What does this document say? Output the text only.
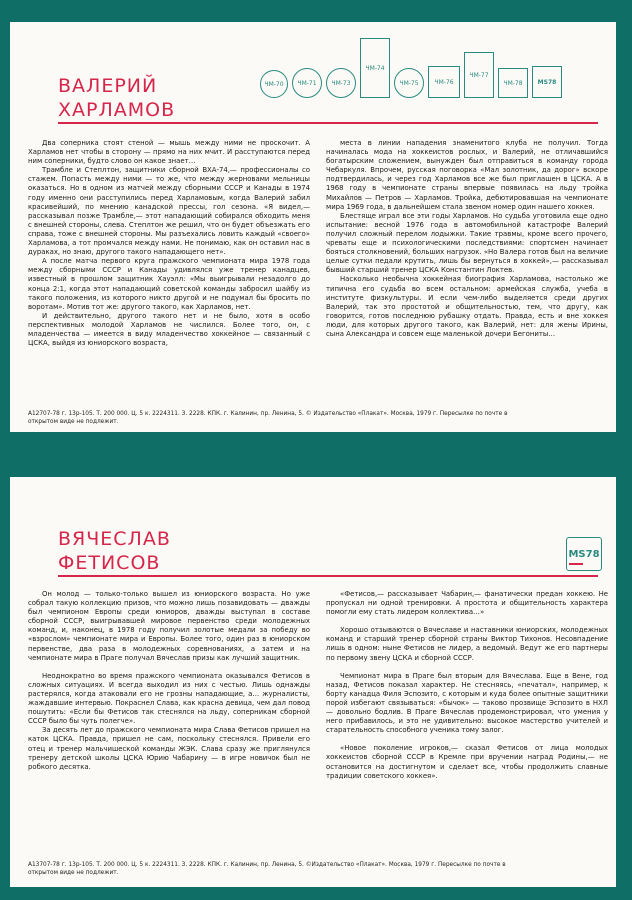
ВАЛЕРИЙ
ХАРЛАМОВ
ЧМ-70	ЧМ-71	ЧМ-73
ЧМ-74
ЧМ-75	ЧМ-76
ЧМ-77
ЧМ-78	MS78

Два соперника стоят стеной — мышь между ними не проскочит. А Харламов нет чтобы в сторону — прямо на них мчит. И расступаются перед ним соперники, будто слово он какое знает…

Трамбле и Степлтон, защитники сборной ВХА-74,— профессионалы со стажем. Попасть между ними — то же, что между жерновами мельницы оказаться. Но в одном из матчей между сборными СССР и Канады в 1974 году именно они расступились перед Харламовым, когда Валерий забил красивейший, по мнению канадской прессы, гол сезона. «Я видел,— рассказывал позже Трамбле,— этот нападающий собирался обходить меня с внешней стороны, слева. Степлтон же решил, что он будет объезжать его справа, тоже с внешней стороны. Мы разъехались ловить каждый «своего» Харламова, а тот промчался между нами. Не понимаю, как он оставил нас в дураках, но знаю, другого такого нападающего нет».

А после матча первого круга пражского чемпионата мира 1978 года между сборными СССР и Канады удивлялся уже тренер канадцев, известный в прошлом защитник Хауэлл: «Мы выигрывали незадолго до конца 2:1, когда этот нападающий советской команды забросил шайбу из такого положения, из которого никто другой и не подумал бы бросить по воротам». Мотив тот же: другого такого, как Харламов, нет.

И действительно, другого такого нет и не было, хотя в особо перспективных молодой Харламов не числился. Более того, он, с младенчества — имеется в виду младенчество хоккейное — связанный с ЦСКА, выйдя из юниорского возраста,

места в линии нападения знаменитого клуба не получил. Тогда начиналась мода на хоккеистов рослых, и Валерий, не отличавшийся богатырским сложением, вынужден был отправиться в команду города Чебаркуля. Впрочем, русская поговорка «Мал золотник, да дорог» вскоре подтвердилась, и через год Харламов все же был приглашен в ЦСКА. А в 1968 году в чемпионате страны впервые появилась на льду тройка Михайлов — Петров — Харламов. Тройка, дебютировавшая на чемпионате мира 1969 года, в дальнейшем стала звеном номер один нашего хоккея.

Блестяще играл все эти годы Харламов. Но судьба уготовила еще одно испытание: весной 1976 года в автомобильной катастрофе Валерий получил сложный перелом лодыжки. Такие травмы, кроме всего прочего, чреваты еще и психологическими последствиями: спортсмен начинает бояться столкновений, больших нагрузок. «Но Валера готов был на величие целые сутки педали крутить, лишь бы вернуться в хоккей»,— рассказывал бывший старший тренер ЦСКА Константин Локтев.

Насколько необычна хоккейная биография Харламова, настолько же типична его судьба во всем остальном: армейская служба, учеба в институте физкультуры. И если чем-либо выделяется среди других Валерий, так это простотой и общительностью, тем, что другу, как говорится, готов последнюю рубашку отдать. Правда, есть и вне хоккея люди, для которых другого такого, как Валерий, нет: для жены Ирины, сына Александра и совсем еще маленькой дочери Бегониты…

А12707-78 г. 13р-105. Т. 200 000. Ц. 5 к. 2224311. З. 2228. КПК. г. Калинин, пр. Ленина, 5. © Издательство «Плакат». Москва, 1979 г. Пересылке по почте в
открытом виде не подлежит.
ВЯЧЕСЛАВ
ФЕТИСОВ	MS78

Он молод — только-только вышел из юниорского возраста. Но уже собрал такую коллекцию призов, что можно лишь позавидовать — дважды был чемпионом Европы среди юниоров, дважды выступал в составе сборной СССР, выигрывавшей мировое первенство среди молодежных команд, и, наконец, в 1978 году получил золотые медали за победу во «взрослом» чемпионате мира и Европы. Более того, один раз в юниорском первенстве, два раза в молодежных соревнованиях, а затем и на чемпионате мира в Праге получал Вячеслав призы как лучший защитник.

Неоднократно во время пражского чемпионата оказывался Фетисов в сложных ситуациях. И всегда выходил из них с честью. Лишь однажды растерялся, когда атаковали его не грозны нападающие, а… журналисты, жаждавшие интервью. Покраснел Слава, как красна девица, чем дал повод пошутить: «Если бы Фетисов так стеснялся на льду, соперникам сборной СССР было бы чуть полегче».

За десять лет до пражского чемпионата мира Слава Фетисов пришел на каток ЦСКА. Правда, пришел не сам, поскольку стеснялся. Привели его отец и тренер мальчишеской команды ЖЭК. Слава сразу же приглянулся тренеру детской школы ЦСКА Юрию Чабарину — в игре новичок был не робкого десятка.

«Фетисов,— рассказывает Чабарин,— фанатически предан хоккею. Не пропускал ни одной тренировки. А простота и общительность характера помогли ему стать лидером коллектива…»

Хорошо отзываются о Вячеславе и наставники юниорских, молодежных команд и старший тренер сборной страны Виктор Тихонов. Несовпадение лишь в одном: ныне Фетисов не лидер, а ведомый. Ведут же его партнеры по первому звену ЦСКА и сборной СССР.

Чемпионат мира в Праге был вторым для Вячеслава. Еще в Вене, год назад, Фетисов показал характер. Не стесняясь, «печатал», например, к борту канадца Филя Эспозито, с которым и куда более опытные защитники порой избегают связываться: «бычок» — таково прозвище Эспозито в НХЛ — довольно бодлив. В Праге Вячеслав продемонстрировал, что умения у него прибавилось, и это не удивительно: высокое мастерство учителей и старательность способного ученика тому залог.

«Новое поколение игроков,— сказал Фетисов от лица молодых хоккеистов сборной СССР в Кремле при вручении наград Родины,— не остановится на достигнутом и сделает все, чтобы продолжить славные традиции советского хоккея».

А13707-78 г. 13р-105. Т. 200 000. Ц. 5 к. 2224311. З. 2228. КПК. г. Калинин, пр. Ленина, 5. ©Издательство «Плакат». Москва, 1979 г. Пересылке по почте в
открытом виде не подлежит.
